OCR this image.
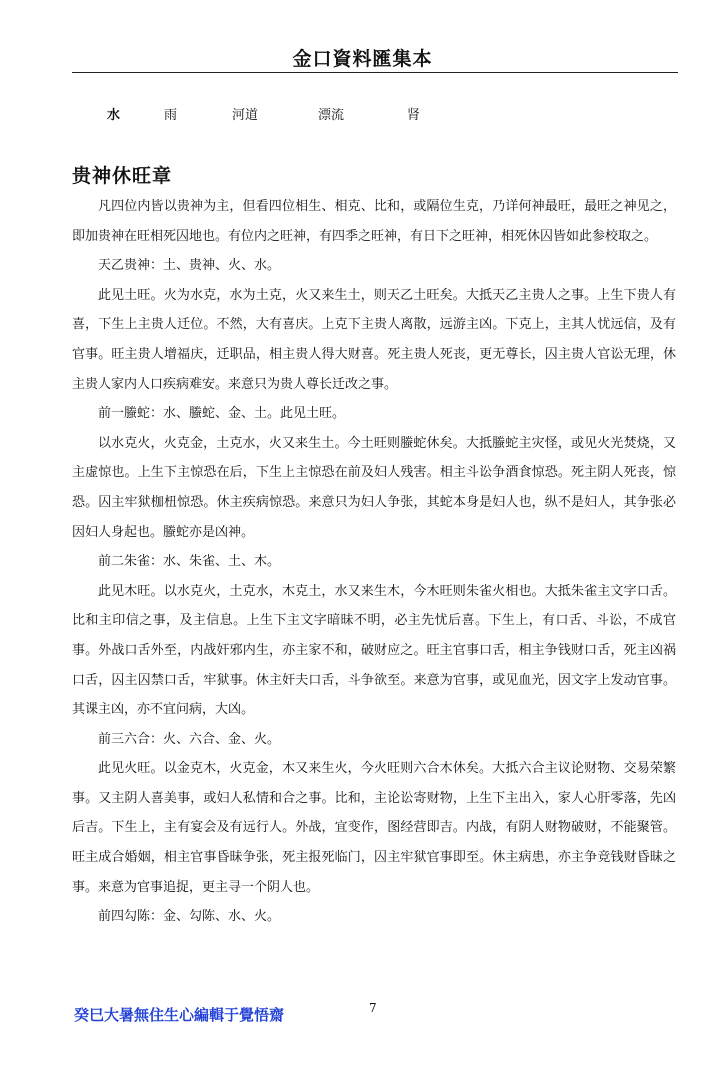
金口資料匯集本
水	雨	河道	漂流	肾
贵神休旺章

凡四位内皆以贵神为主，但看四位相生、相克、比和，或隔位生克，乃详何神最旺，最旺之神见之，即加贵神在旺相死囚地也。有位内之旺神，有四季之旺神，有日下之旺神，相死休囚皆如此参校取之。

天乙贵神：土、贵神、火、水。

此见土旺。火为水克，水为土克，火又来生土，则天乙土旺矣。大抵天乙主贵人之事。上生下贵人有喜，下生上主贵人迁位。不然，大有喜庆。上克下主贵人离散，远游主凶。下克上，主其人忧远信，及有官事。旺主贵人增福庆，迁职品，相主贵人得大财喜。死主贵人死丧，更无尊长，囚主贵人官讼无理，休主贵人家内人口疾病难安。来意只为贵人尊长迁改之事。

前一螣蛇：水、螣蛇、金、土。此见土旺。

以水克火，火克金，土克水，火又来生土。今土旺则螣蛇休矣。大抵螣蛇主灾怪，或见火光焚烧，又主虚惊也。上生下主惊恐在后，下生上主惊恐在前及妇人残害。相主斗讼争酒食惊恐。死主阴人死丧，惊恐。囚主牢狱枷杻惊恐。休主疾病惊恐。来意只为妇人争张，其蛇本身是妇人也，纵不是妇人，其争张必因妇人身起也。螣蛇亦是凶神。

前二朱雀：水、朱雀、土、木。

此见木旺。以水克火，土克水，木克土，水又来生木，今木旺则朱雀火相也。大抵朱雀主文字口舌。比和主印信之事，及主信息。上生下主文字暗昧不明，必主先忧后喜。下生上，有口舌、斗讼，不成官事。外战口舌外至，内战奸邪内生，亦主家不和，破财应之。旺主官事口舌，相主争钱财口舌，死主凶祸口舌，囚主囚禁口舌，牢狱事。休主奸夫口舌，斗争欲至。来意为官事，或见血光，因文字上发动官事。其课主凶，亦不宜问病，大凶。

前三六合：火、六合、金、火。

此见火旺。以金克木，火克金，木又来生火，今火旺则六合木休矣。大抵六合主议论财物、交易荣繁事。又主阴人喜美事，或妇人私情和合之事。比和，主论讼寄财物，上生下主出入，家人心肝零落，先凶后吉。下生上，主有宴会及有远行人。外战，宜变作，图经营即吉。内战，有阴人财物破财，不能聚管。旺主成合婚姻，相主官事昏昧争张，死主报死临门，囚主牢狱官事即至。休主病患，亦主争竞钱财昏昧之事。来意为官事追捉，更主寻一个阴人也。

前四勾陈：金、勾陈、水、火。

癸巳大暑無住生心編輯于覺悟齋	7
